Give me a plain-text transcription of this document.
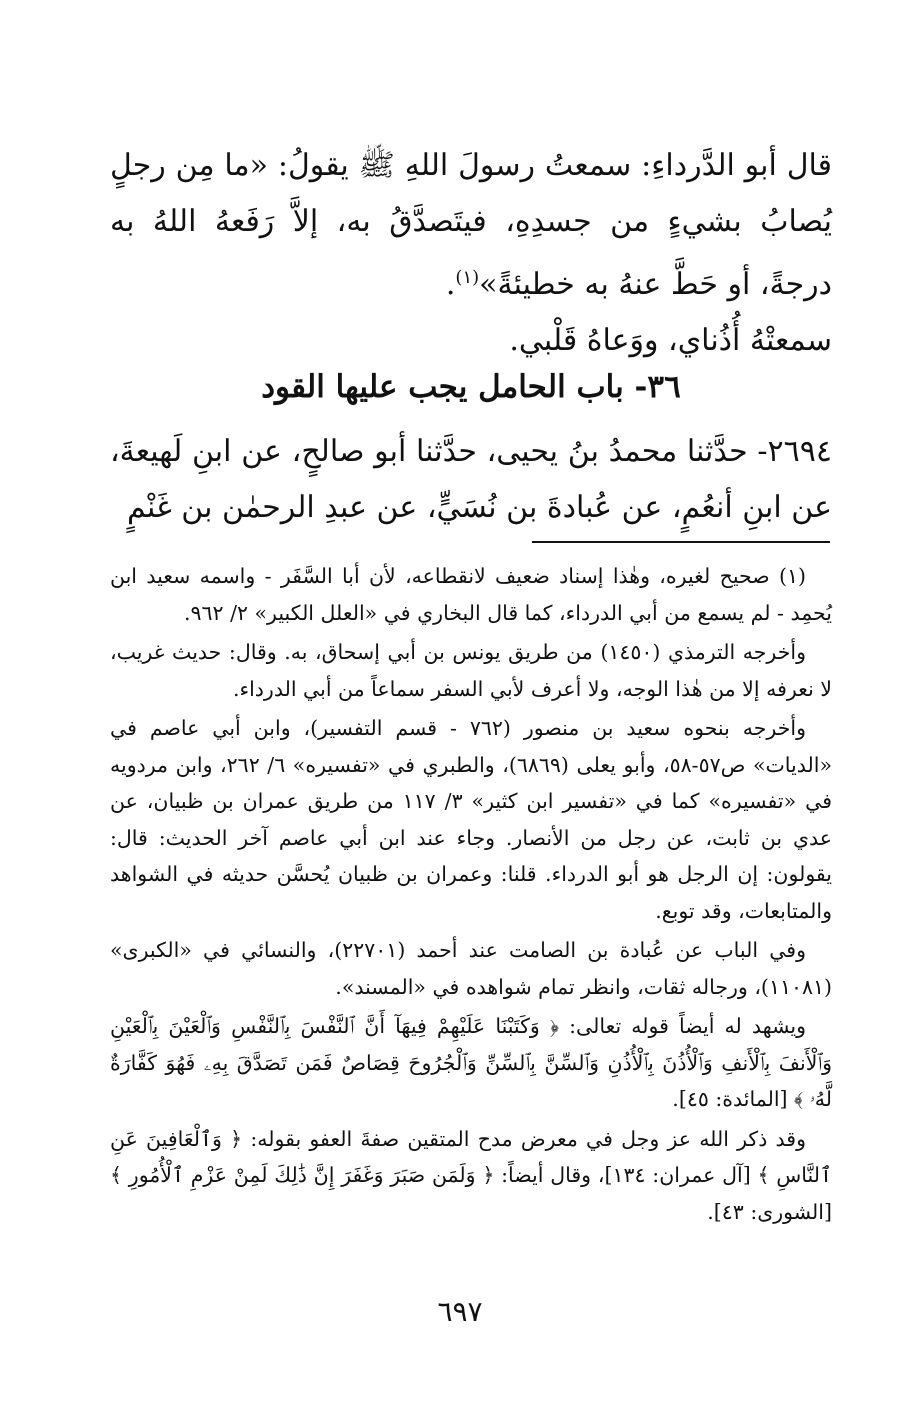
قال أبو الدَّرداءِ: سمعتُ رسولَ اللهِ ﷺ يقولُ: «ما مِن رجلٍ يُصابُ بشيءٍ من جسدِهِ، فيتَصدَّقُ به، إلاَّ رَفَعهُ اللهُ به درجةً، أو حَطَّ عنهُ به خطيئةً»$^{(١)}$.

سمعتْهُ أُذُناي، ووَعاهُ قَلْبي.

٣٦- باب الحامل يجب عليها القود

٢٦٩٤- حدَّثنا محمدُ بنُ يحيى، حدَّثنا أبو صالحٍ، عن ابنِ لَهيعةَ، عن ابنِ أنعُمٍ، عن عُبادةَ بن نُسَيٍّ، عن عبدِ الرحمٰن بن غَنْمٍ

(١) صحيح لغيره، وهٰذا إسناد ضعيف لانقطاعه، لأن أبا السَّفَر - واسمه سعيد ابن يُحمِد - لم يسمع من أبي الدرداء، كما قال البخاري في «العلل الكبير» ٢/ ٩٦٢.

وأخرجه الترمذي (١٤٥٠) من طريق يونس بن أبي إسحاق، به. وقال: حديث غريب، لا نعرفه إلا من هٰذا الوجه، ولا أعرف لأبي السفر سماعاً من أبي الدرداء.

وأخرجه بنحوه سعيد بن منصور (٧٦٢ - قسم التفسير)، وابن أبي عاصم في «الديات» ص٥٧-٥٨، وأبو يعلى (٦٨٦٩)، والطبري في «تفسيره» ٦/ ٢٦٢، وابن مردويه في «تفسيره» كما في «تفسير ابن كثير» ٣/ ١١٧ من طريق عمران بن ظبيان، عن عدي بن ثابت، عن رجل من الأنصار. وجاء عند ابن أبي عاصم آخر الحديث: قال: يقولون: إن الرجل هو أبو الدرداء. قلنا: وعمران بن ظبيان يُحسَّن حديثه في الشواهد والمتابعات، وقد توبع.

وفي الباب عن عُبادة بن الصامت عند أحمد (٢٢٧٠١)، والنسائي في «الكبرى» (١١٠٨١)، ورجاله ثقات، وانظر تمام شواهده في «المسند».

ويشهد له أيضاً قوله تعالى: ﴿ وَكَتَبْنَا عَلَيْهِمْ فِيهَآ أَنَّ ٱلنَّفْسَ بِٱلنَّفْسِ وَٱلْعَيْنَ بِٱلْعَيْنِ وَٱلْأَنفَ بِٱلْأَنفِ وَٱلْأُذُنَ بِٱلْأُذُنِ وَٱلسِّنَّ بِٱلسِّنِّ وَٱلْجُرُوحَ قِصَاصٌ فَمَن تَصَدَّقَ بِهِۦ فَهُوَ كَفَّارَةٌ لَّهُۥ ﴾ [المائدة: ٤٥].

وقد ذكر الله عز وجل في معرض مدح المتقين صفةَ العفو بقوله: ﴿ وَٱلْعَافِينَ عَنِ ٱلنَّاسِ ﴾ [آل عمران: ١٣٤]، وقال أيضاً: ﴿ وَلَمَن صَبَرَ وَغَفَرَ إِنَّ ذَٰلِكَ لَمِنْ عَزْمِ ٱلْأُمُورِ ﴾ [الشورى: ٤٣].

٦٩٧
